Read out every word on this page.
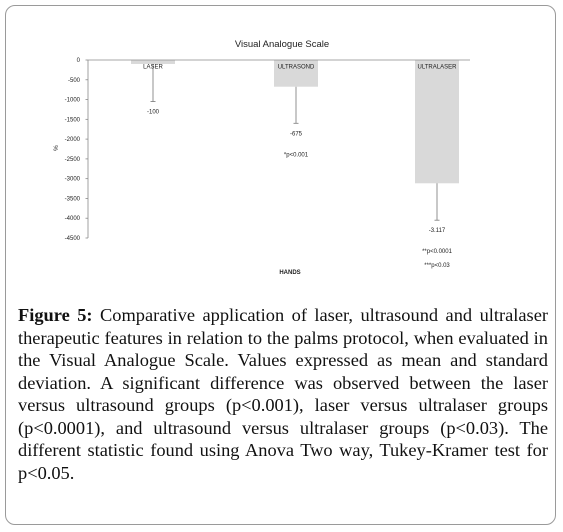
Visual Analogue Scale
%
HANDS
0
-500
-1000
-1500
-2000
-2500
-3000
-3500
-4000
-4500
LASER	ULTRASOND	ULTRALASER
-100
-675
-3.117
*p<0.001
**p<0.0001
***p<0.03
Figure 5: Comparative application of laser, ultrasound and ultralaser therapeutic features in relation to the palms protocol, when evaluated in the Visual Analogue Scale. Values expressed as mean and standard deviation. A significant difference was observed between the laser versus ultrasound groups (p<0.001), laser versus ultralaser groups (p<0.0001), and ultrasound versus ultralaser groups (p<0.03). The different statistic found using Anova Two way, Tukey-Kramer test for p<0.05.
